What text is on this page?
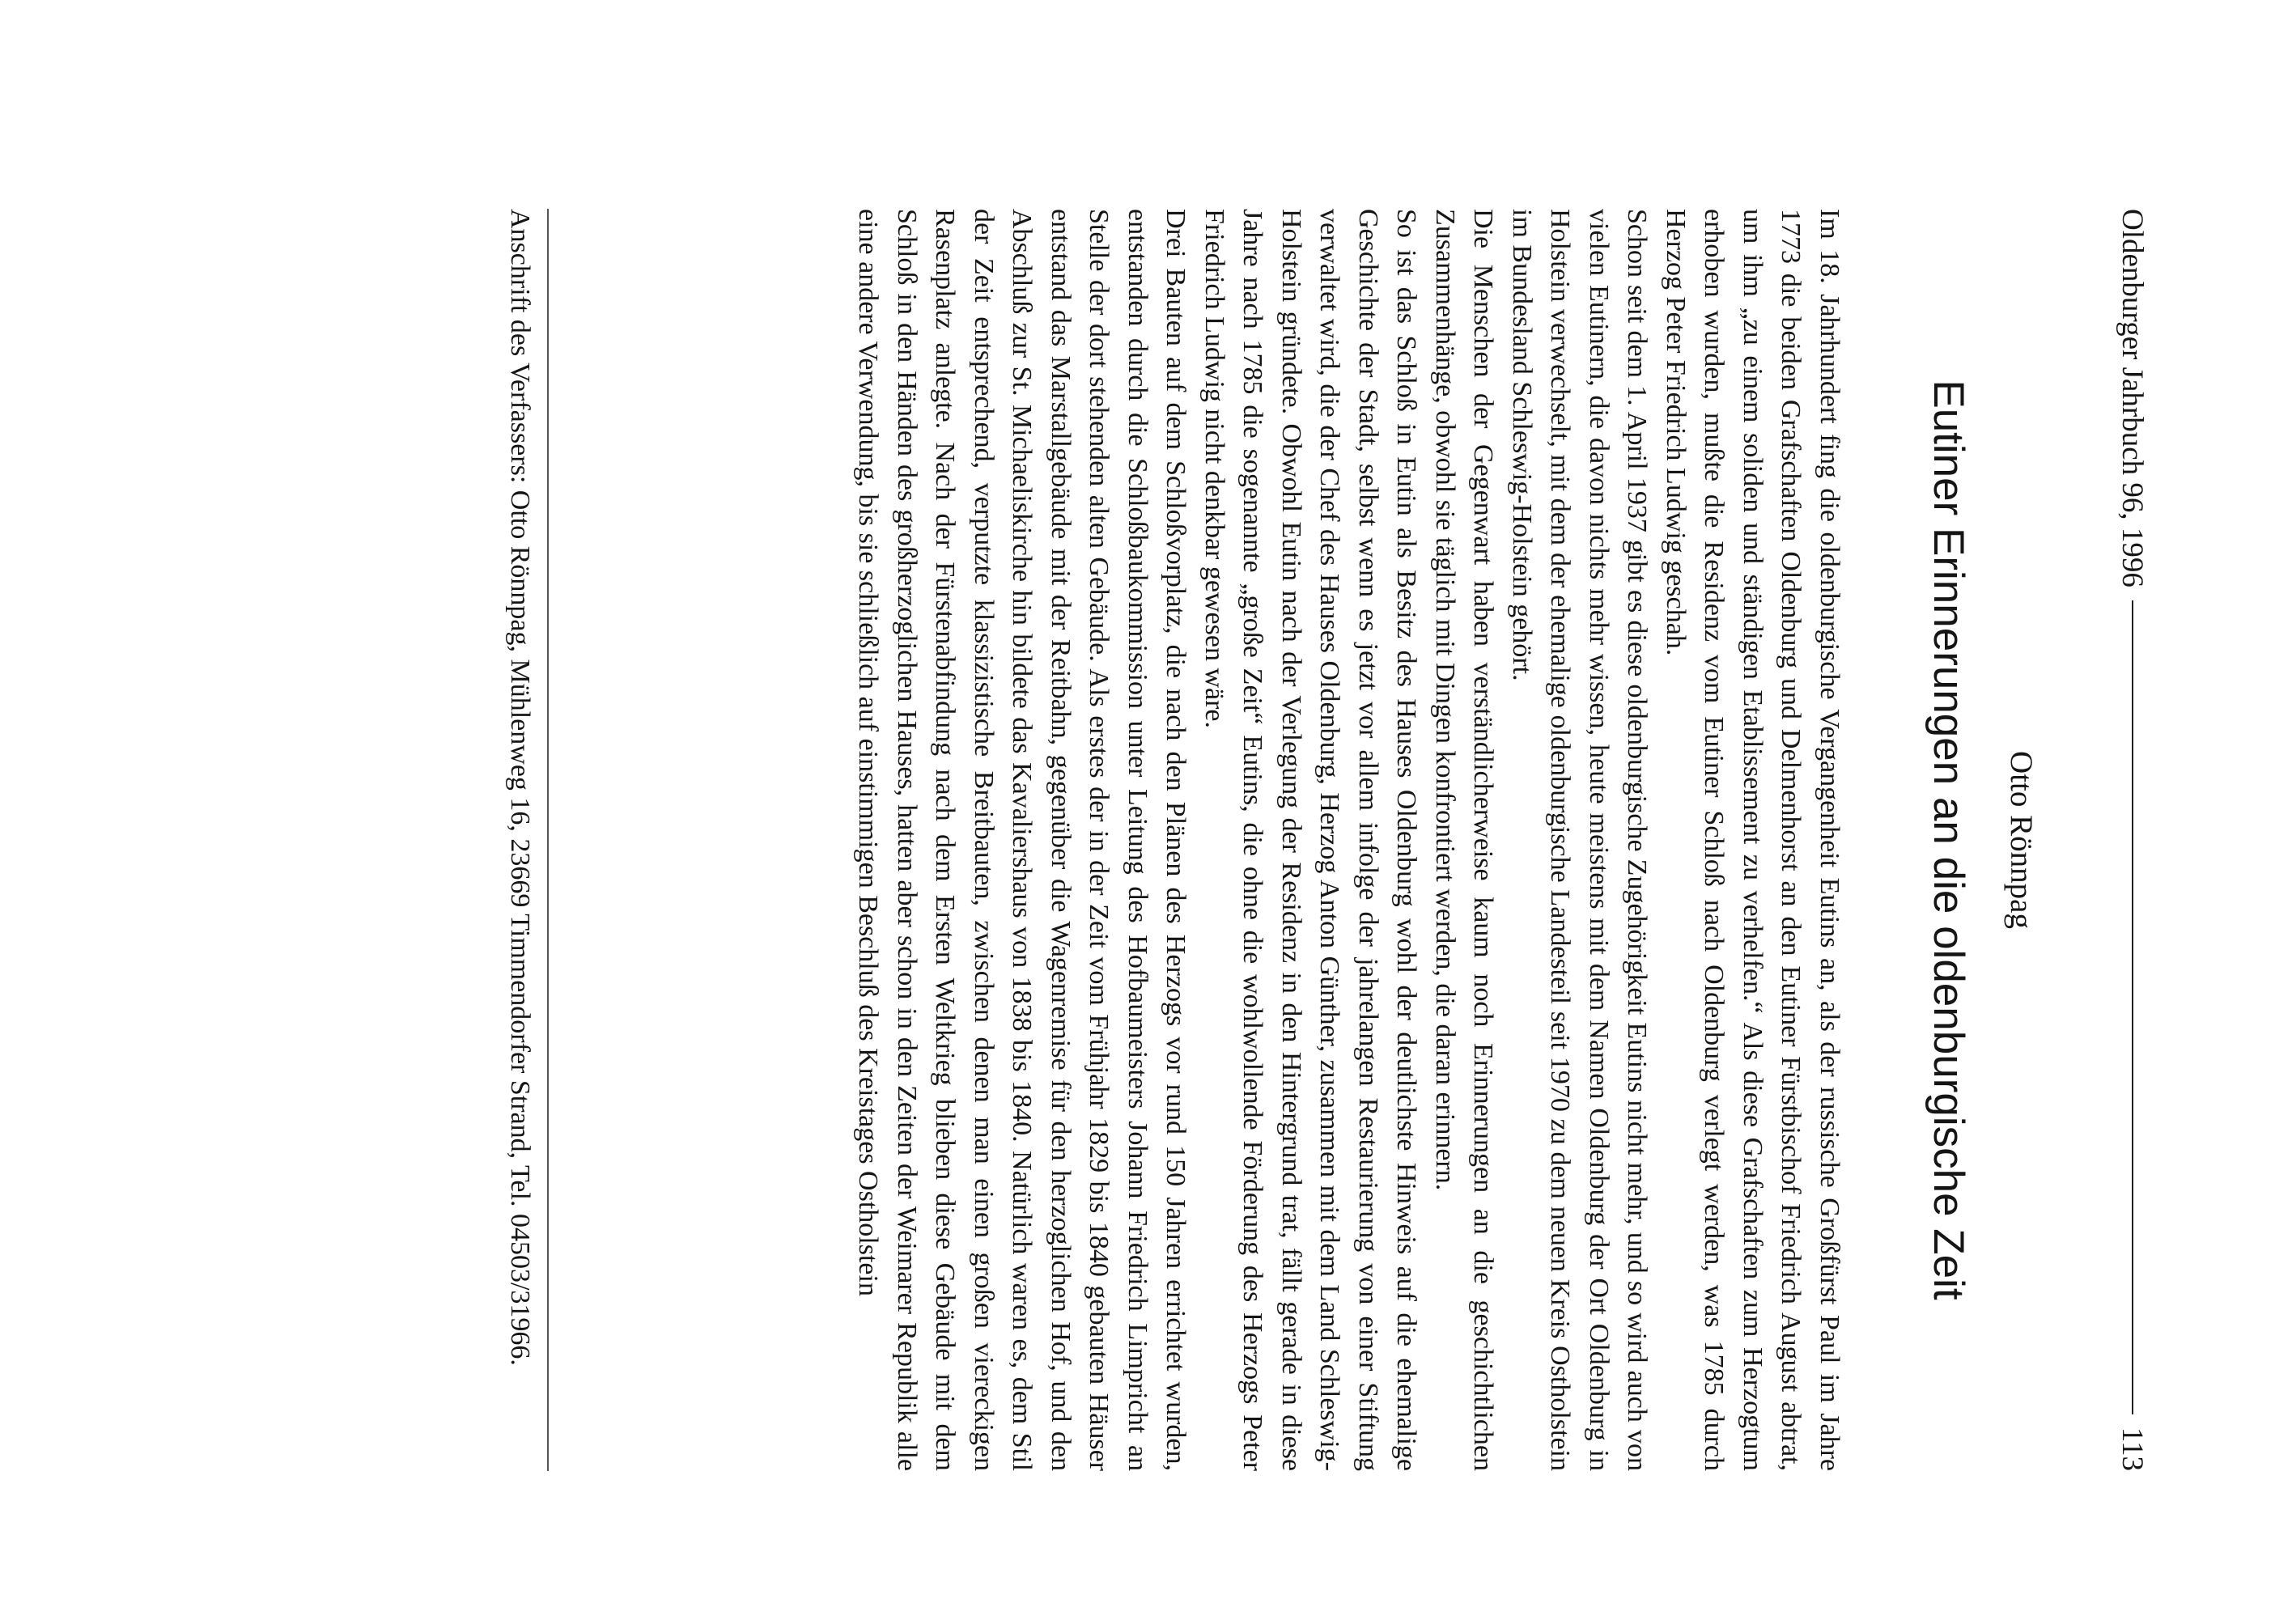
Oldenburger Jahrbuch 96, 1996
113
Otto Rönnpag
Eutiner Erinnerungen an die oldenburgische Zeit

Im 18. Jahrhundert fing die oldenburgische Vergangenheit Eutins an, als der russische Großfürst Paul im Jahre 1773 die beiden Grafschaften Oldenburg und Delmenhorst an den Eutiner Fürstbischof Friedrich August abtrat, um ihm „zu einem soliden und ständigen Etablissement zu verhelfen.“ Als diese Grafschaften zum Herzogtum erhoben wurden, mußte die Residenz vom Eutiner Schloß nach Oldenburg verlegt werden, was 1785 durch Herzog Peter Friedrich Ludwig geschah.

Schon seit dem 1. April 1937 gibt es diese oldenburgische Zugehörigkeit Eutins nicht mehr, und so wird auch von vielen Eutinern, die davon nichts mehr wissen, heute meistens mit dem Namen Oldenburg der Ort Oldenburg in Holstein verwechselt, mit dem der ehemalige oldenburgische Landesteil seit 1970 zu dem neuen Kreis Ostholstein im Bundesland Schleswig-Holstein gehört.

Die Menschen der Gegenwart haben verständlicherweise kaum noch Erinnerungen an die geschichtlichen Zusammenhänge, obwohl sie täglich mit Dingen konfrontiert werden, die daran erinnern.

So ist das Schloß in Eutin als Besitz des Hauses Oldenburg wohl der deutlichste Hinweis auf die ehemalige Geschichte der Stadt, selbst wenn es jetzt vor allem infolge der jahrelangen Restaurierung von einer Stiftung verwaltet wird, die der Chef des Hauses Oldenburg, Herzog Anton Günther, zusammen mit dem Land Schleswig-Holstein gründete. Obwohl Eutin nach der Verlegung der Residenz in den Hintergrund trat, fällt gerade in diese Jahre nach 1785 die sogenannte „große Zeit“ Eutins, die ohne die wohlwollende Förderung des Herzogs Peter Friedrich Ludwig nicht denkbar gewesen wäre.

Drei Bauten auf dem Schloßvorplatz, die nach den Plänen des Herzogs vor rund 150 Jahren errichtet wurden, entstanden durch die Schloßbaukommission unter Leitung des Hofbaumeisters Johann Friedrich Limpricht an Stelle der dort stehenden alten Gebäude. Als erstes der in der Zeit vom Frühjahr 1829 bis 1840 gebauten Häuser entstand das Marstallgebäude mit der Reitbahn, gegenüber die Wagenremise für den herzoglichen Hof, und den Abschluß zur St. Michaeliskirche hin bildete das Kavaliershaus von 1838 bis 1840. Natürlich waren es, dem Stil der Zeit entsprechend, verputzte klassizistische Breitbauten, zwischen denen man einen großen viereckigen Rasenplatz anlegte. Nach der Fürstenabfindung nach dem Ersten Weltkrieg blieben diese Gebäude mit dem Schloß in den Händen des großherzoglichen Hauses, hatten aber schon in den Zeiten der Weimarer Republik alle eine andere Verwendung, bis sie schließlich auf einstimmigen Beschluß des Kreistages Ostholstein

Anschrift des Verfassers: Otto Rönnpag, Mühlenweg 16, 23669 Timmendorfer Strand, Tel. 04503/31966.
